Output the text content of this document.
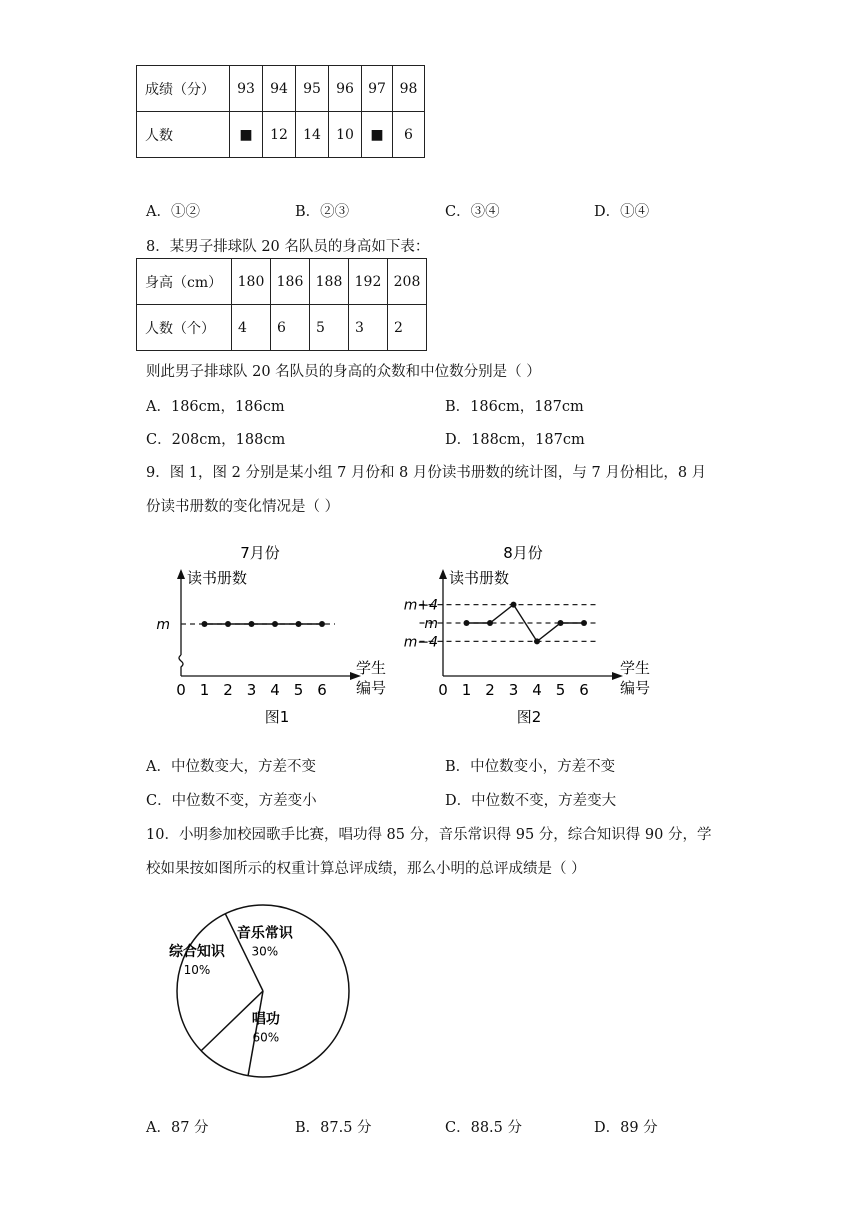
成绩（分）	93	94	95	96	97	98
人数	■	12	14	10	■	6
A．①②	B．②③	C．③④	D．①④
8．某男子排球队 20 名队员的身高如下表：
身高（cm）	180	186	188	192	208
人数（个）	4	6	5	3	2
则此男子排球队 20 名队员的身高的众数和中位数分别是（ ）
A．186cm，186cm	B．186cm，187cm
C．208cm，188cm	D．188cm，187cm
9．图 1，图 2 分别是某小组 7 月份和 8 月份读书册数的统计图，与 7 月份相比，8 月
份读书册数的变化情况是（ ）
7月份
读书册数
学生
编号
0 1 2 3 4 5 6
m
图1
8月份
读书册数
学生
编号
0 1 2 3 4 5 6
m+4
m
m−4
图2
A．中位数变大，方差不变	B．中位数变小，方差不变
C．中位数不变，方差变小	D．中位数不变，方差变大
10．小明参加校园歌手比赛，唱功得 85 分，音乐常识得 95 分，综合知识得 90 分，学
校如果按如图所示的权重计算总评成绩，那么小明的总评成绩是（ ）
音乐常识
30%
综合知识
10%
唱功
60%
A．87 分	B．87.5 分	C．88.5 分	D．89 分
